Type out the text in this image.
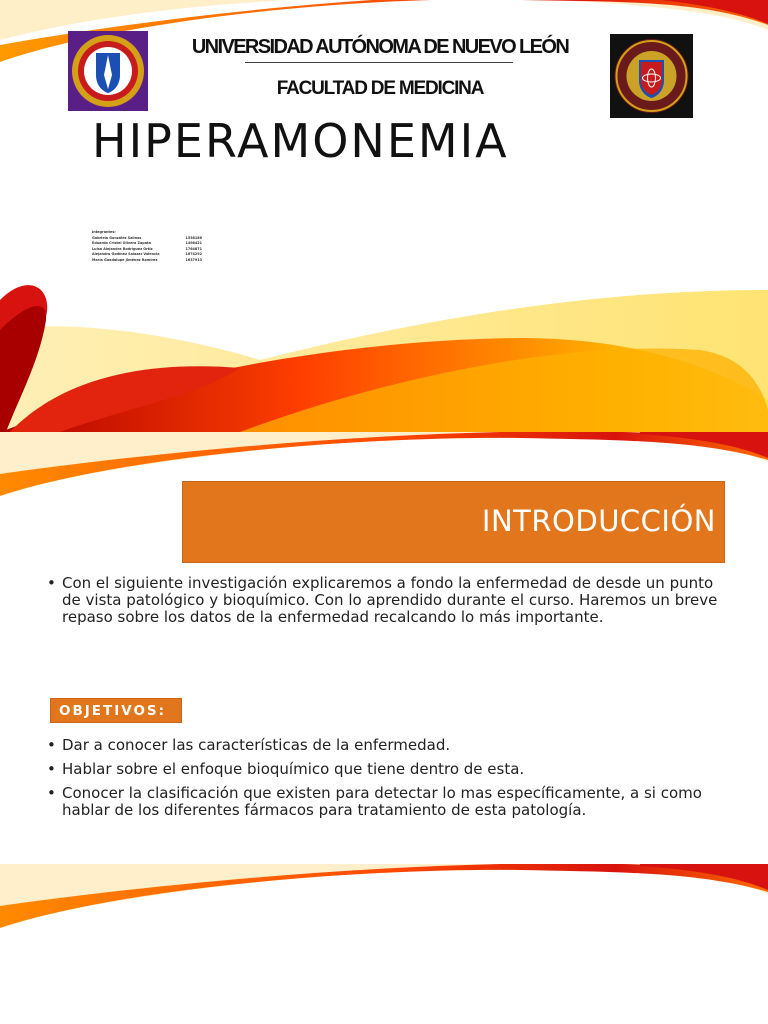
UNIVERSIDAD AUTÓNOMA DE NUEVO LEÓN
FACULTAD DE MEDICINA
HIPERAMONEMIA
Integrantes:
Gabriela González Salinas	1538186
Eduardo Cristel Olivera Zapata	1498421
Luisa Alejandra Rodríguez Ortiz	1764871
Alejandro Godínez Salazar Valencia	1674292
María Guadalupe Jiménez Ramírez	1637913
INTRODUCCIÓN
• Con el siguiente investigación explicaremos a fondo la enfermedad de desde un punto de vista patológico y bioquímico. Con lo aprendido durante el curso. Haremos un breve repaso sobre los datos de la enfermedad recalcando lo más importante.
OBJETIVOS:
• Dar a conocer las características de la enfermedad.
• Hablar sobre el enfoque bioquímico que tiene dentro de esta.
• Conocer la clasificación que existen para detectar lo mas específicamente, a si como hablar de los diferentes fármacos para tratamiento de esta patología.
